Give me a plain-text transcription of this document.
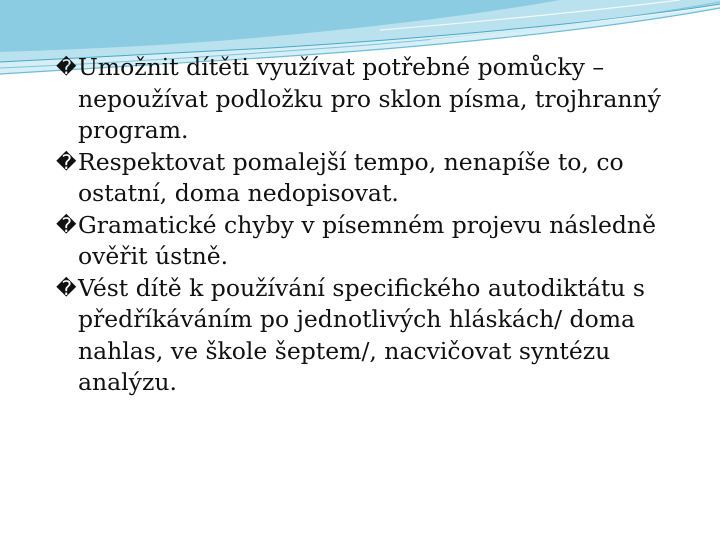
� Umožnit dítěti využívat potřebné pomůcky – nepoužívat podložku pro sklon písma, trojhranný program.

� Respektovat pomalejší tempo, nenapíše to, co ostatní, doma nedopisovat.

� Gramatické chyby v písemném projevu následně ověřit ústně.

� Vést dítě k používání specifického autodiktátu s předříkáváním po jednotlivých hláskách/ doma nahlas, ve škole šeptem/, nacvičovat syntézu analýzu.
